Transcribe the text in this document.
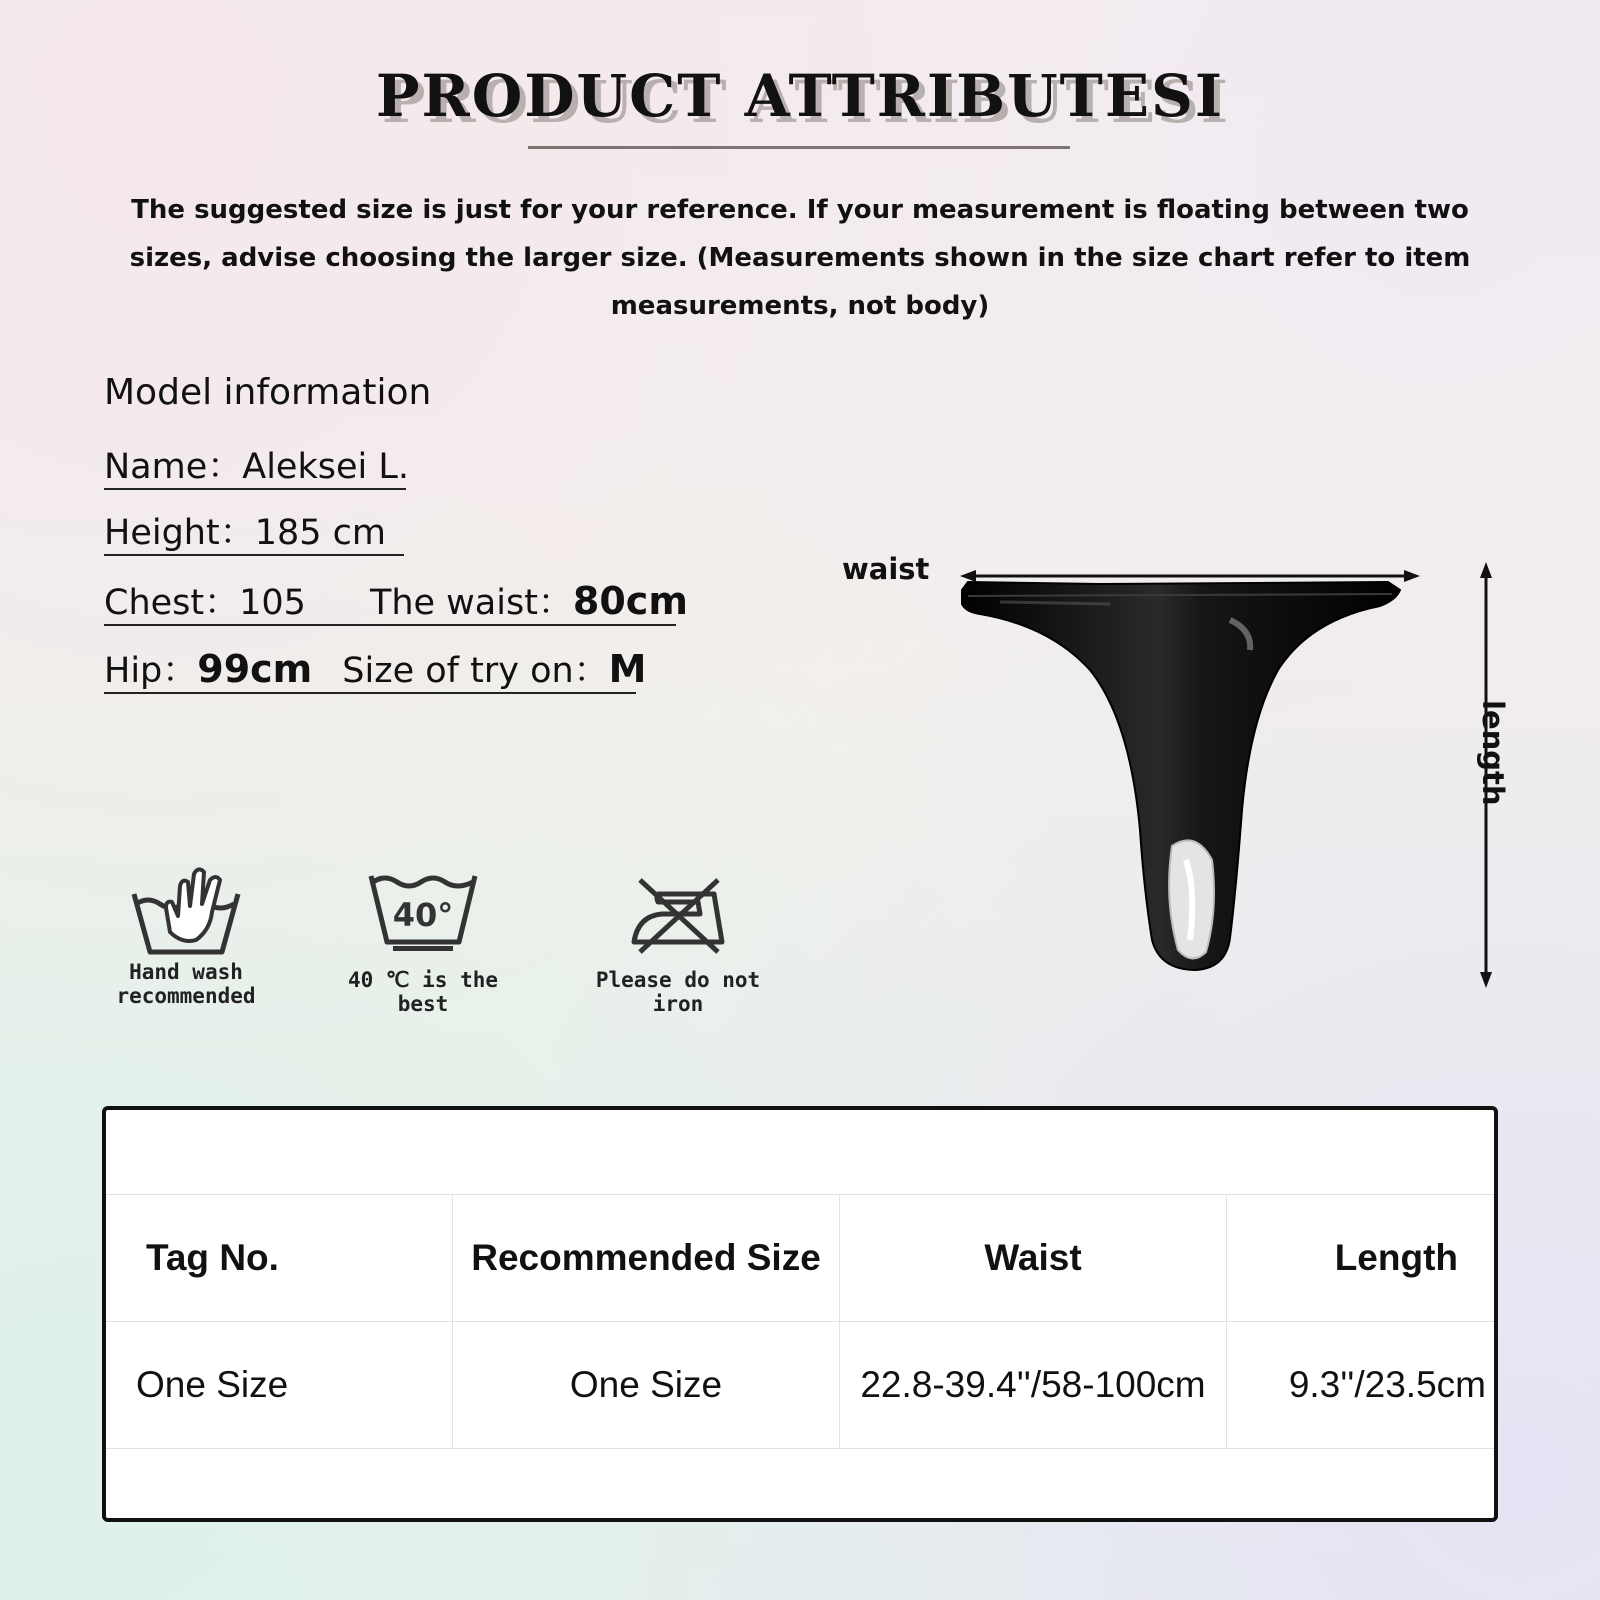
PRODUCT ATTRIBUTESI
The suggested size is just for your reference. If your measurement is floating between two sizes, advise choosing the larger size. (Measurements shown in the size chart refer to item measurements, not body)
Model information
Name：Aleksei L.
Height：185 cm
Chest：105 The waist：80cm
Hip：99cm Size of try on：M
Hand wash
recommended
40°
40 ℃ is the best
Please do not iron
waist
length
Tag No.	Recommended Size	Waist	Length
One Size	One Size	22.8-39.4''/58-100cm	9.3''/23.5cm
